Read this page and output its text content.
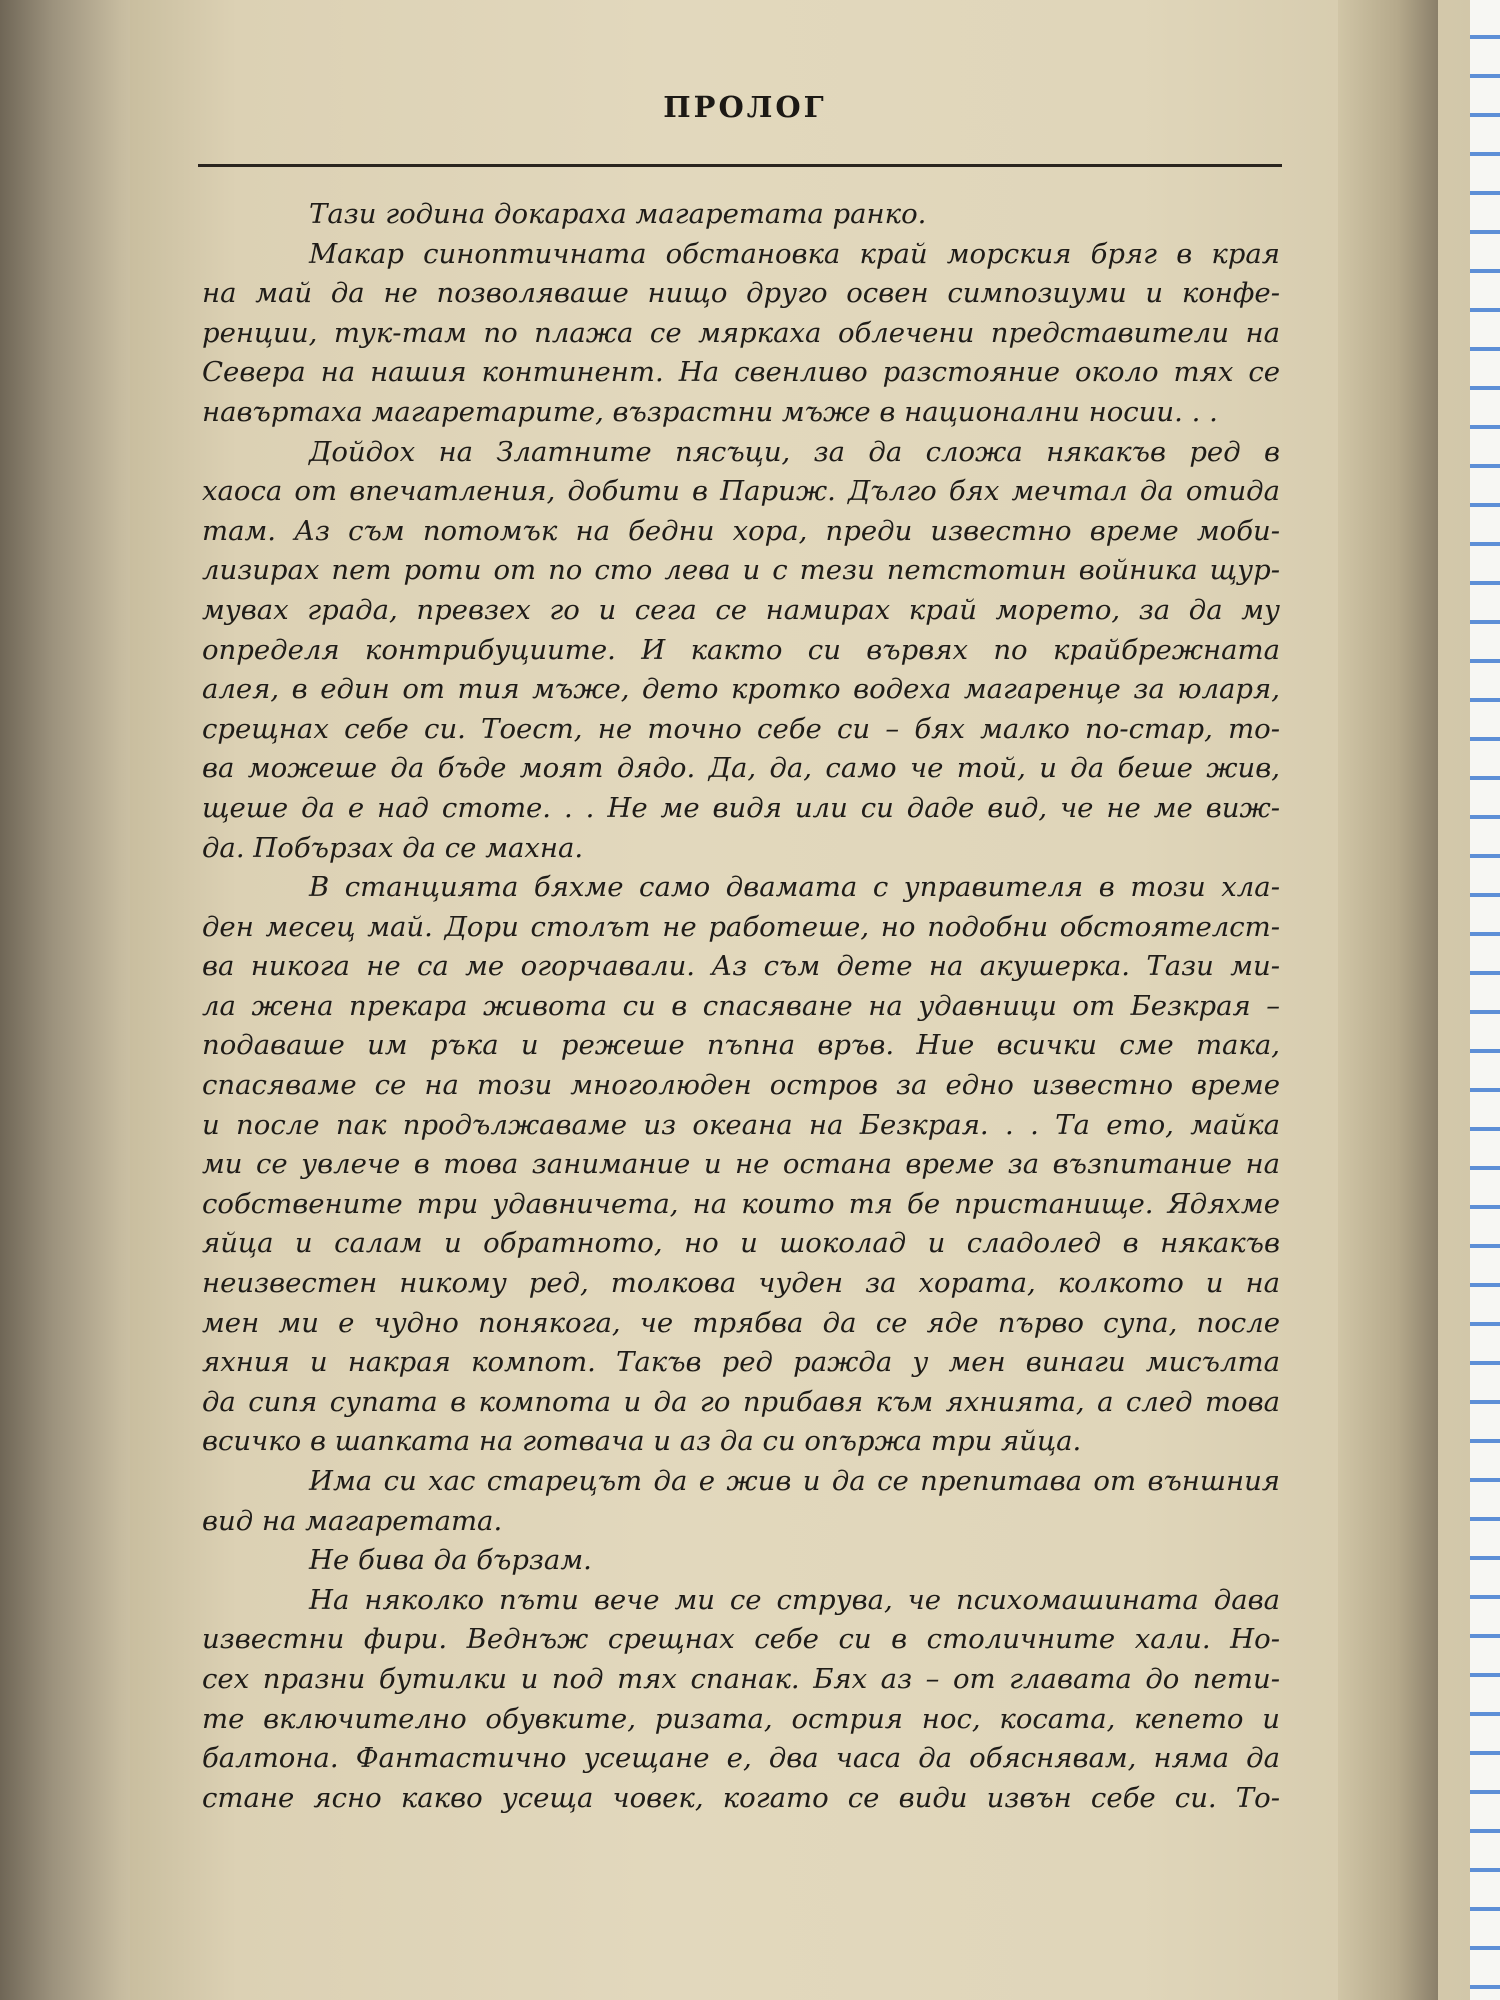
ПРОЛОГ
Тази година докараха магаретата ранко.
Макар синоптичната обстановка край морския бряг в края
на май да не позволяваше нищо друго освен симпозиуми и конфе-
ренции, тук-там по плажа се мяркаха облечени представители на
Севера на нашия континент. На свенливо разстояние около тях се
навъртаха магаретарите, възрастни мъже в национални носии. . .
Дойдох на Златните пясъци, за да сложа някакъв ред в
хаоса от впечатления, добити в Париж. Дълго бях мечтал да отида
там. Аз съм потомък на бедни хора, преди известно време моби-
лизирах пет роти от по сто лева и с тези петстотин войника щур-
мувах града, превзех го и сега се намирах край морето, за да му
определя контрибуциите. И както си вървях по крайбрежната
алея, в един от тия мъже, дето кротко водеха магаренце за юларя,
срещнах себе си. Тоест, не точно себе си – бях малко по-стар, то-
ва можеше да бъде моят дядо. Да, да, само че той, и да беше жив,
щеше да е над стоте. . . Не ме видя или си даде вид, че не ме виж-
да. Побързах да се махна.
В станцията бяхме само двамата с управителя в този хла-
ден месец май. Дори столът не работеше, но подобни обстоятелст-
ва никога не са ме огорчавали. Аз съм дете на акушерка. Тази ми-
ла жена прекара живота си в спасяване на удавници от Безкрая –
подаваше им ръка и режеше пъпна връв. Ние всички сме така,
спасяваме се на този многолюден остров за едно известно време
и после пак продължаваме из океана на Безкрая. . . Та ето, майка
ми се увлече в това занимание и не остана време за възпитание на
собствените три удавничета, на които тя бе пристанище. Ядяхме
яйца и салам и обратното, но и шоколад и сладолед в някакъв
неизвестен никому ред, толкова чуден за хората, колкото и на
мен ми е чудно понякога, че трябва да се яде първо супа, после
яхния и накрая компот. Такъв ред ражда у мен винаги мисълта
да сипя супата в компота и да го прибавя към яхнията, а след това
всичко в шапката на готвача и аз да си опържа три яйца.
Има си хас старецът да е жив и да се препитава от външния
вид на магаретата.
Не бива да бързам.
На няколко пъти вече ми се струва, че психомашината дава
известни фири. Веднъж срещнах себе си в столичните хали. Но-
сех празни бутилки и под тях спанак. Бях аз – от главата до пети-
те включително обувките, ризата, острия нос, косата, кепето и
балтона. Фантастично усещане е, два часа да обяснявам, няма да
стане ясно какво усеща човек, когато се види извън себе си. То-
